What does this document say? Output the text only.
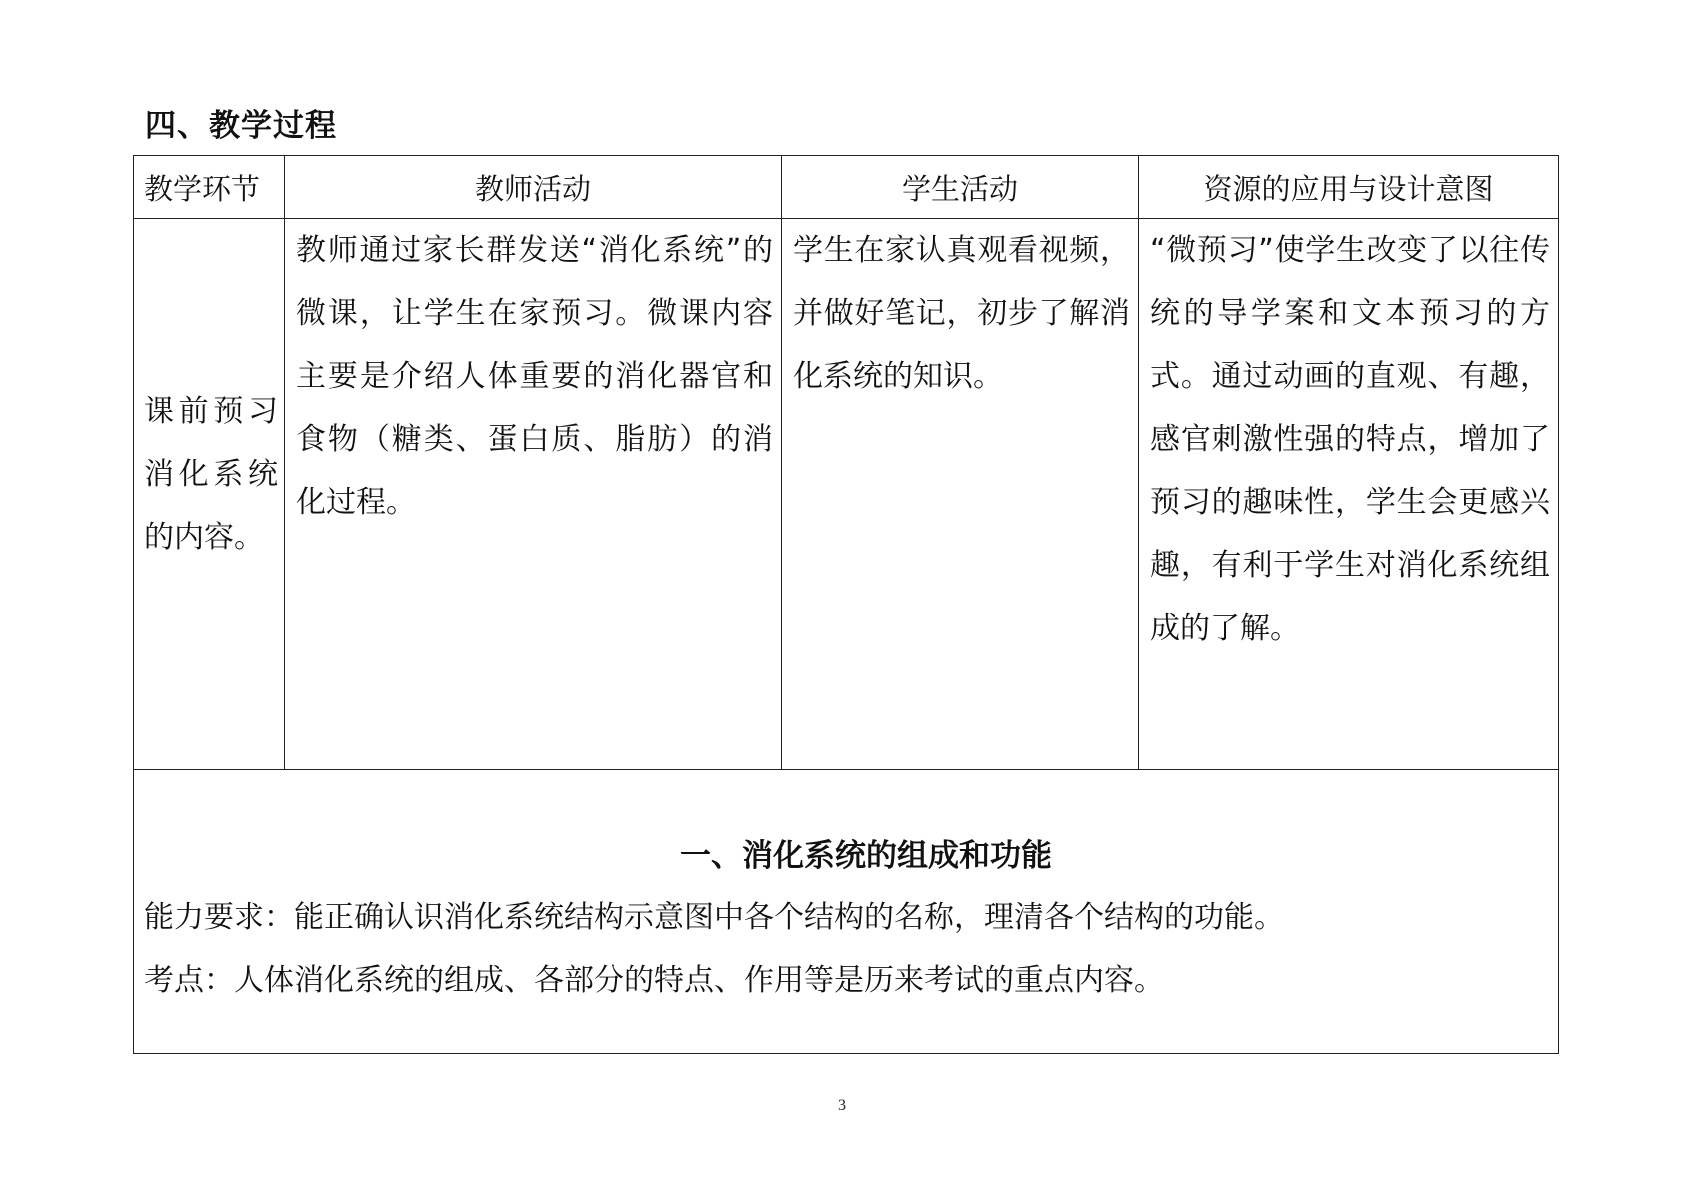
四、教学过程
教学环节	教师活动	学生活动	资源的应用与设计意图

课前预习消化系统的内容。	教师通过家长群发送“消化系统”的微课，让学生在家预习。微课内容主要是介绍人体重要的消化器官和食物（糖类、蛋白质、脂肪）的消化过程。	学生在家认真观看视频，并做好笔记，初步了解消化系统的知识。	“微预习”使学生改变了以往传统的导学案和文本预习的方式。通过动画的直观、有趣，感官刺激性强的特点，增加了预习的趣味性，学生会更感兴趣，有利于学生对消化系统组成的了解。

一、消化系统的组成和功能

能力要求：能正确认识消化系统结构示意图中各个结构的名称，理清各个结构的功能。

考点：人体消化系统的组成、各部分的特点、作用等是历来考试的重点内容。			

3
